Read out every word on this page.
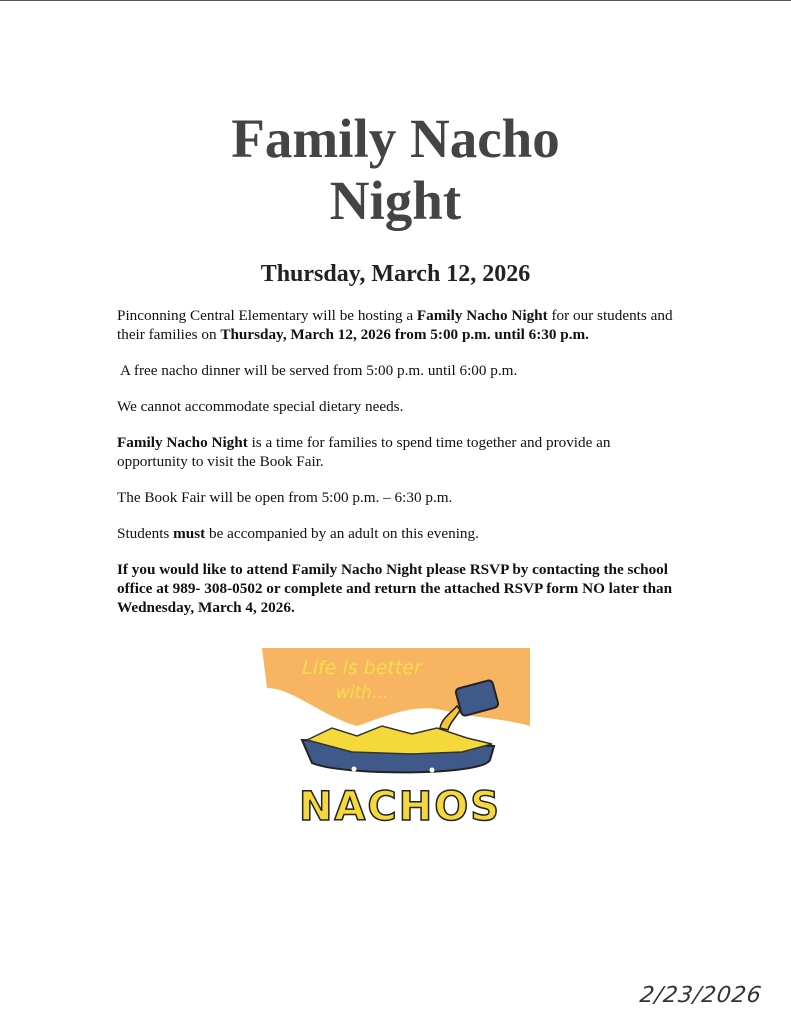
Family Nacho
Night
Thursday, March 12, 2026

Pinconning Central Elementary will be hosting a Family Nacho Night for our students and their families on Thursday, March 12, 2026 from 5:00 p.m. until 6:30 p.m.

A free nacho dinner will be served from 5:00 p.m. until 6:00 p.m.

We cannot accommodate special dietary needs.

Family Nacho Night is a time for families to spend time together and provide an opportunity to visit the Book Fair.

The Book Fair will be open from 5:00 p.m. – 6:30 p.m.

Students must be accompanied by an adult on this evening.

If you would like to attend Family Nacho Night please RSVP by contacting the school office at 989- 308-0502 or complete and return the attached RSVP form NO later than Wednesday, March 4, 2026.

Life is better
with...
NACHOS
2/23/2026
